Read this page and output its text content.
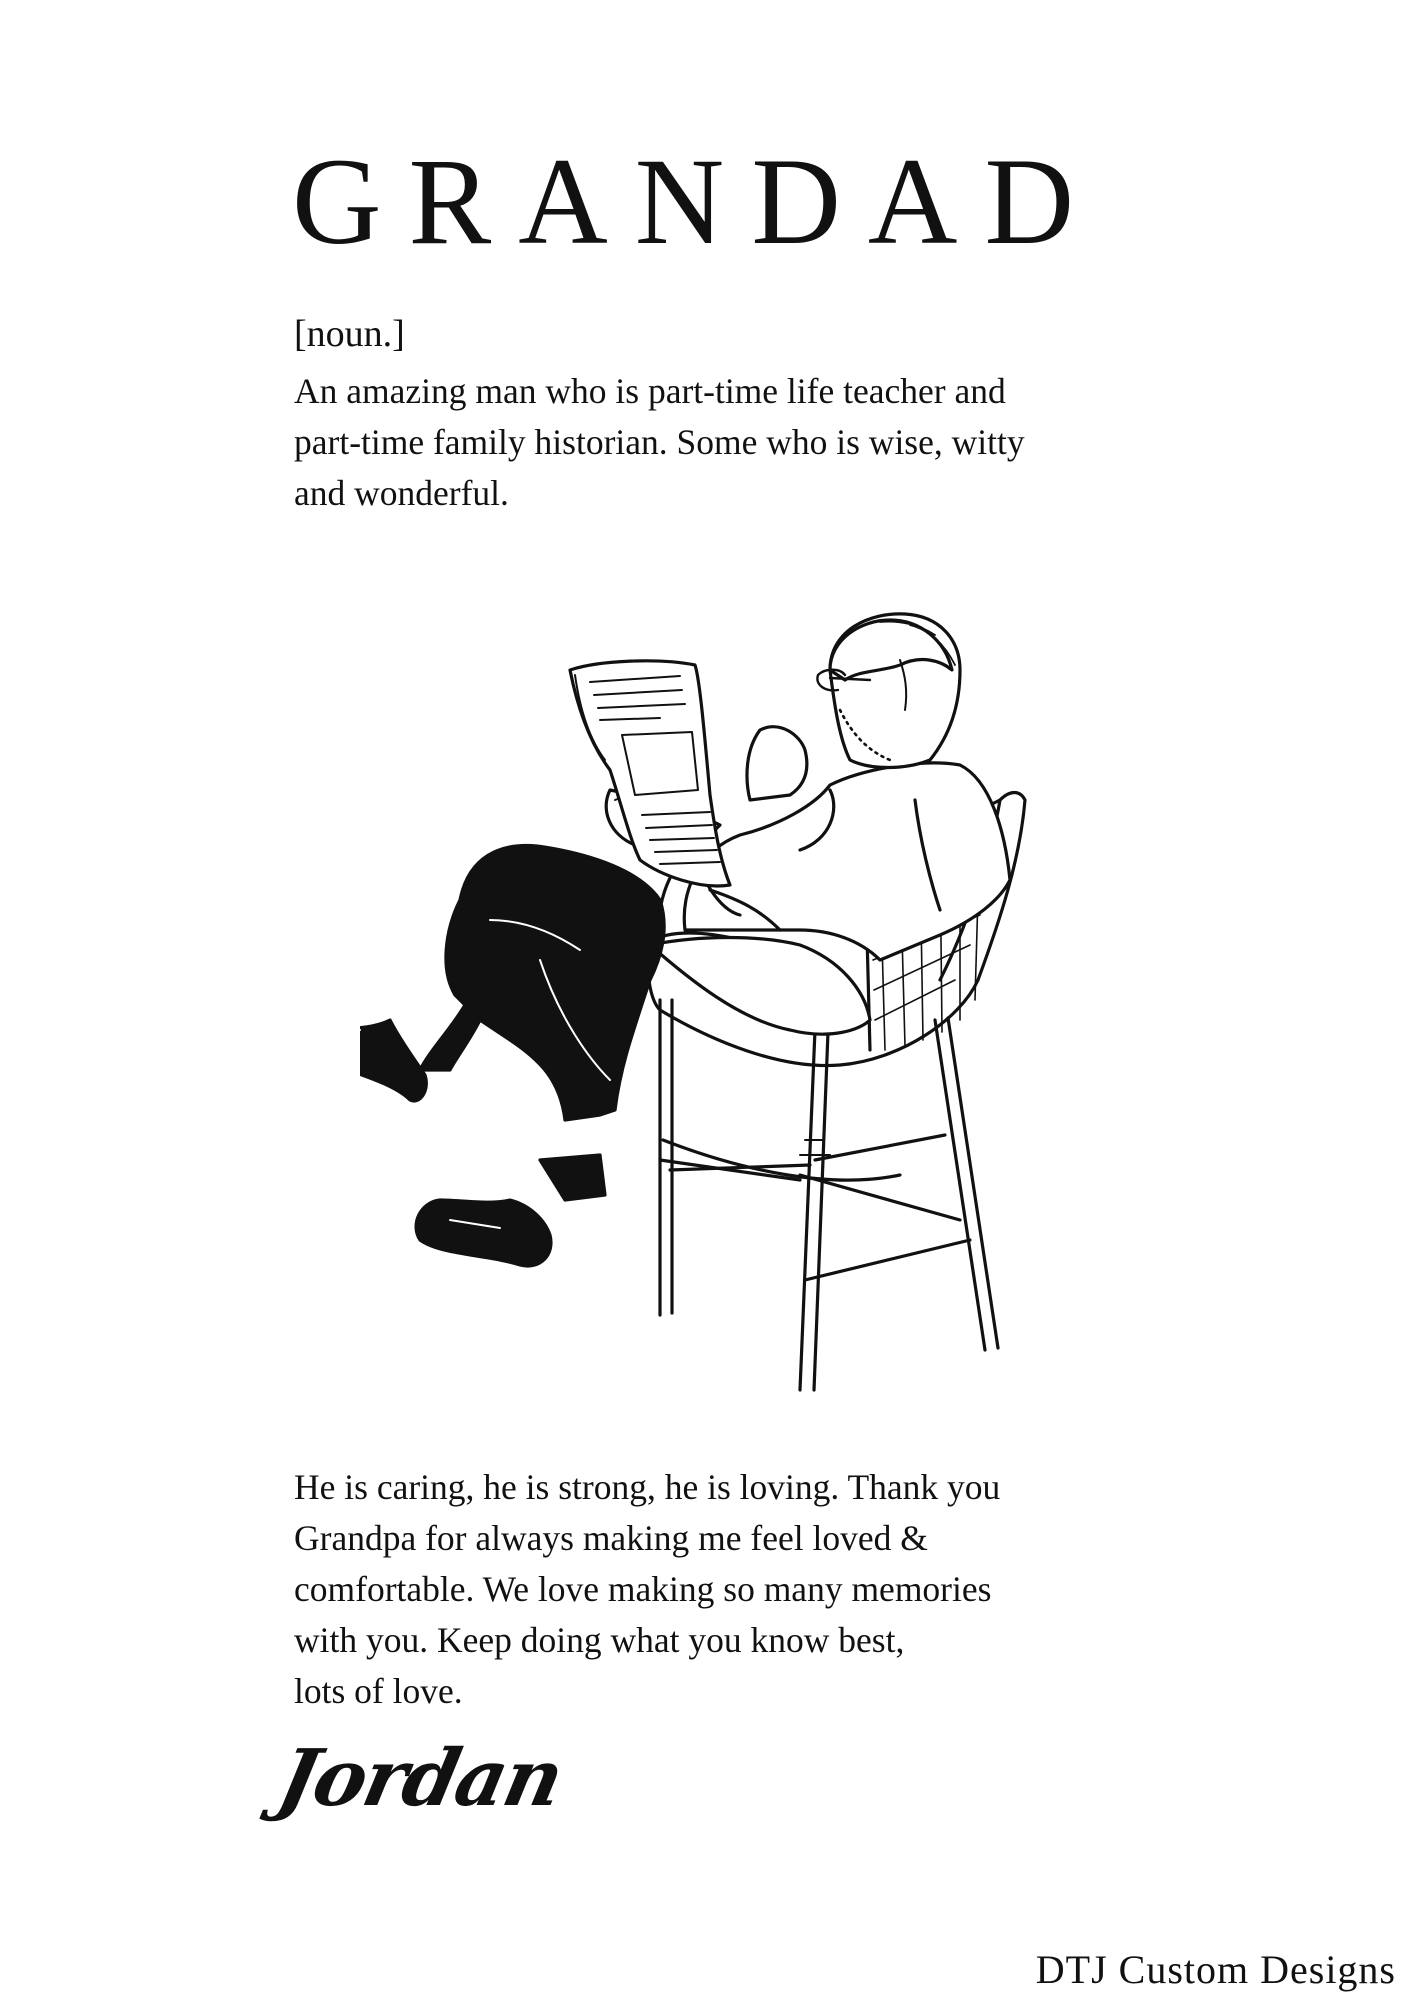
GRANDAD
[noun.]
An amazing man who is part-time life teacher and
part-time family historian. Some who is wise, witty
and wonderful.
He is caring, he is strong, he is loving. Thank you
Grandpa for always making me feel loved &
comfortable. We love making so many memories
with you. Keep doing what you know best,
lots of love.
Jordan
DTJ Custom Designs
